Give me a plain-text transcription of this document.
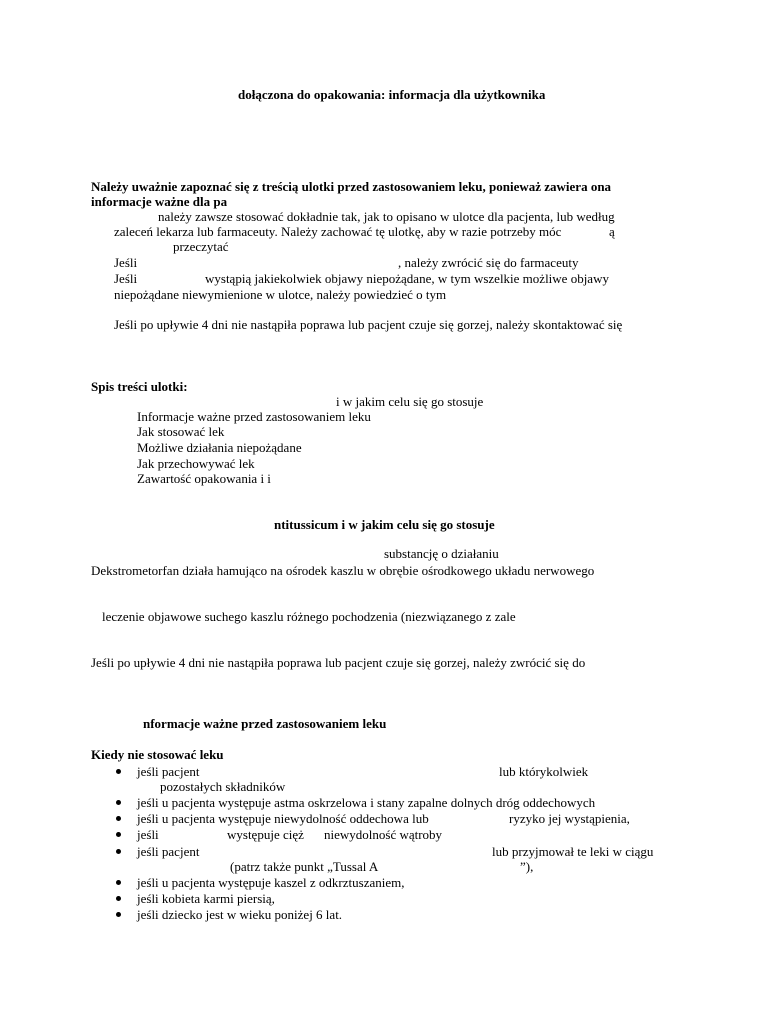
dołączona do opakowania: informacja dla użytkownika
Należy uważnie zapoznać się z treścią ulotki przed zastosowaniem leku, ponieważ zawiera ona
informacje ważne dla pa
należy zawsze stosować dokładnie tak, jak to opisano w ulotce dla pacjenta, lub według
zaleceń lekarza lub farmaceuty. Należy zachować tę ulotkę, aby w razie potrzeby móc	ą
przeczytać
Jeśli	, należy zwrócić się do farmaceuty
Jeśli	wystąpią jakiekolwiek objawy niepożądane, w tym wszelkie możliwe objawy
niepożądane niewymienione w ulotce, należy powiedzieć o tym
Jeśli po upływie 4 dni nie nastąpiła poprawa lub pacjent czuje się gorzej, należy skontaktować się
Spis treści ulotki:
i w jakim celu się go stosuje
Informacje ważne przed zastosowaniem leku
Jak stosować lek
Możliwe działania niepożądane
Jak przechowywać lek
Zawartość opakowania i i
ntitussicum i w jakim celu się go stosuje
substancję o działaniu
Dekstrometorfan działa hamująco na ośrodek kaszlu w obrębie ośrodkowego układu nerwowego
leczenie objawowe suchego kaszlu różnego pochodzenia (niezwiązanego z zale
Jeśli po upływie 4 dni nie nastąpiła poprawa lub pacjent czuje się gorzej, należy zwrócić się do
nformacje ważne przed zastosowaniem leku
Kiedy nie stosować leku
jeśli pacjent	lub którykolwiek
pozostałych składników
jeśli u pacjenta występuje astma oskrzelowa i stany zapalne dolnych dróg oddechowych
jeśli u pacjenta występuje niewydolność oddechowa lub	ryzyko jej wystąpienia,
jeśli	występuje cięż niewydolność wątroby
jeśli pacjent	lub przyjmował te leki w ciągu
(patrz także punkt „Tussal A	”),
jeśli u pacjenta występuje kaszel z odkrztuszaniem,
jeśli kobieta karmi piersią,
jeśli dziecko jest w wieku poniżej 6 lat.
